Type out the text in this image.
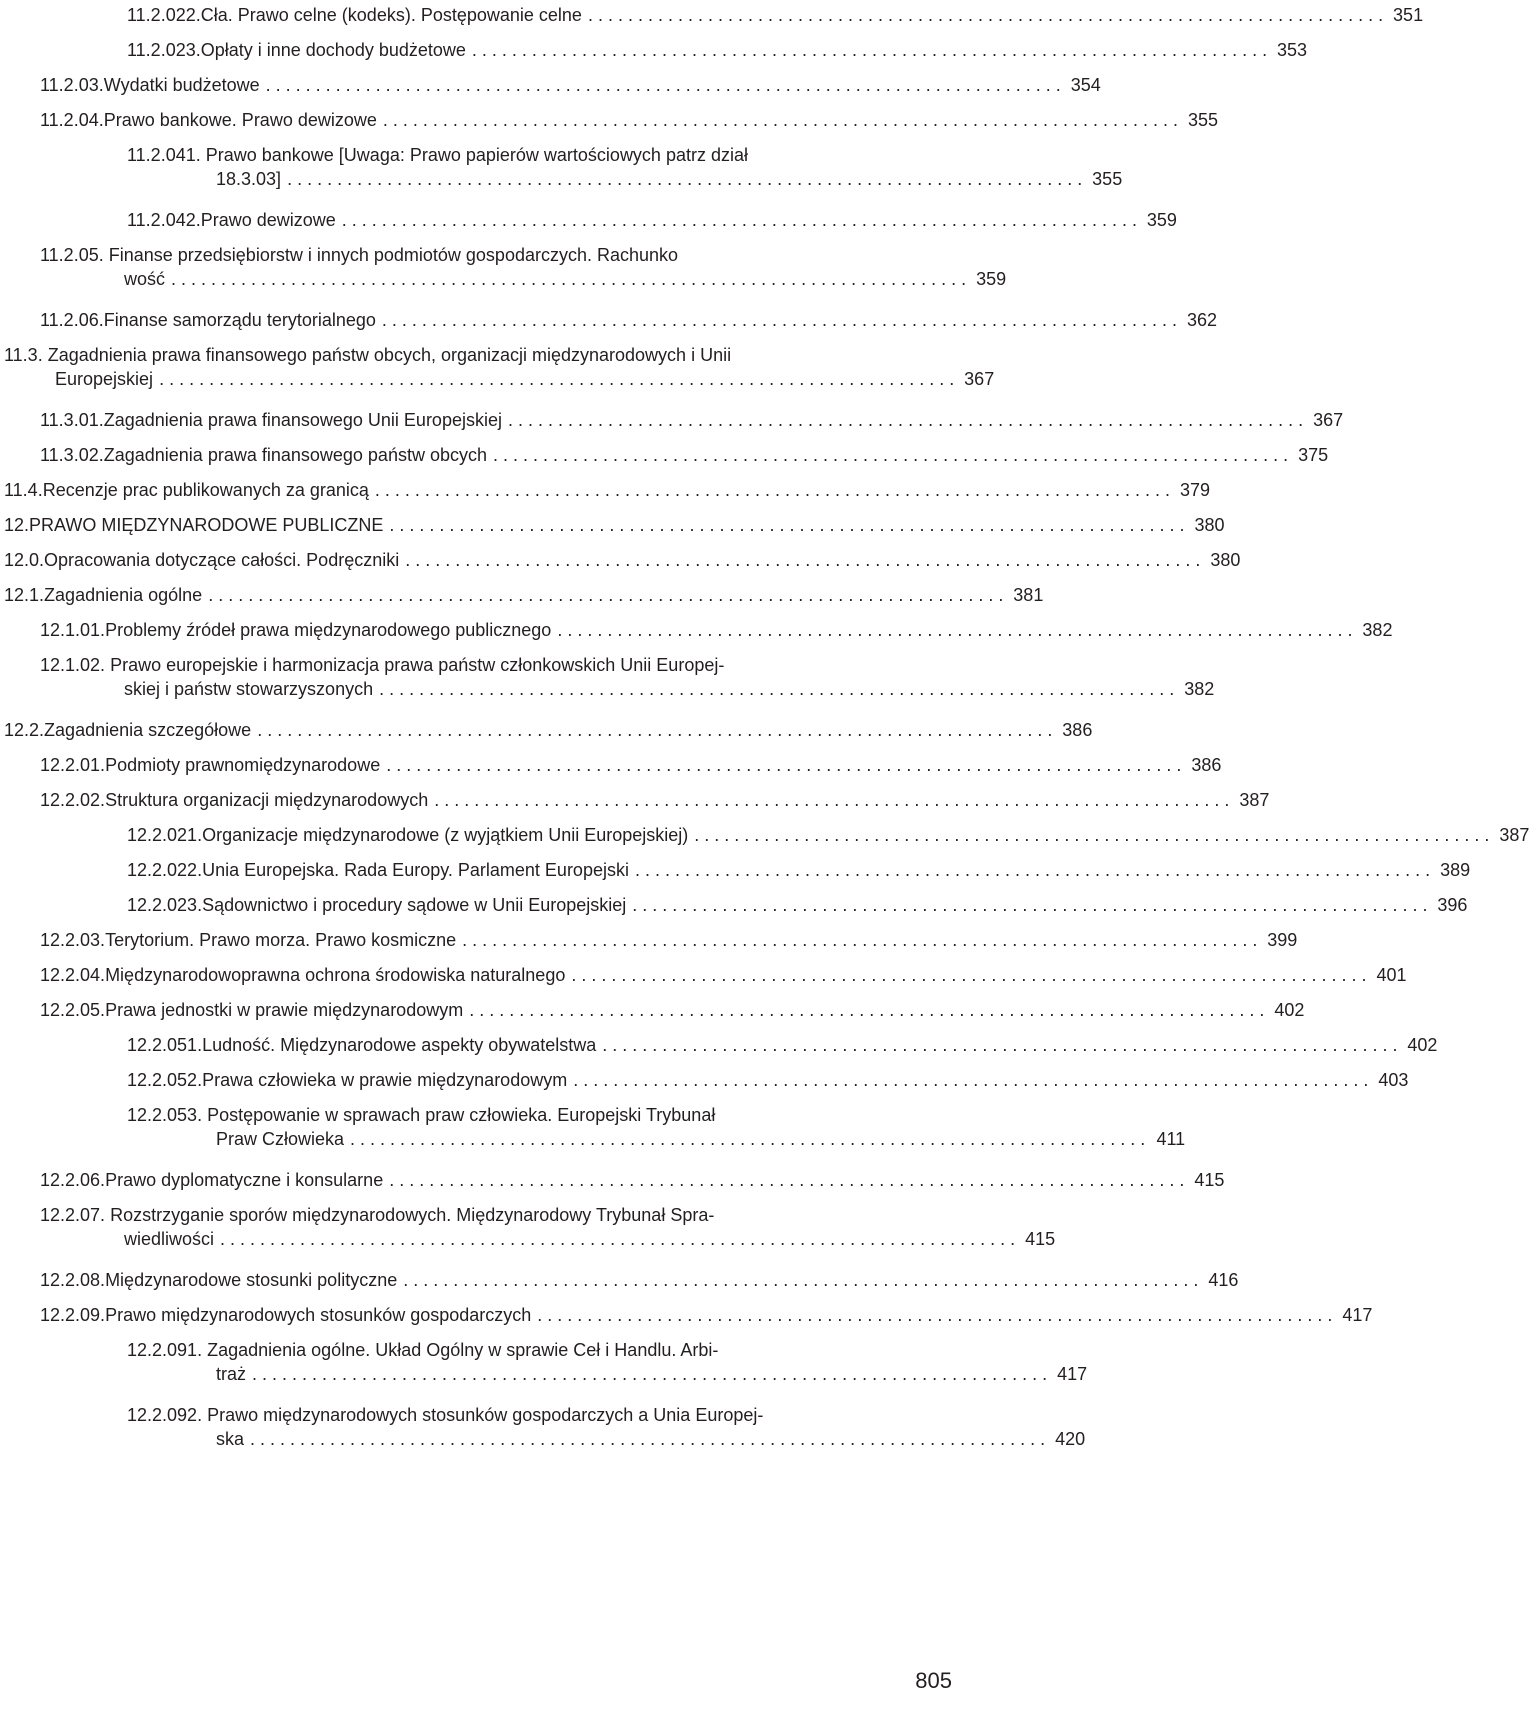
11.2.022. Cła. Prawo celne (kodeks). Postępowanie celne . . . . . . . . . . . . . . . . . . . . . . . . . . . . . . . . . . . . . . . . . . . . . . . . . . . . . . . . . . . . . . . . . . . . . . . . . . . . . . . . 351
11.2.023. Opłaty i inne dochody budżetowe . . . . . . . . . . . . . . . . . . . . . . . . . . . . . . . . . . . . . . . . . . . . . . . . . . . . . . . . . . . . . . . . . . . . . . . . . . . . . . . . 353
11.2.03. Wydatki budżetowe . . . . . . . . . . . . . . . . . . . . . . . . . . . . . . . . . . . . . . . . . . . . . . . . . . . . . . . . . . . . . . . . . . . . . . . . . . . . . . . . 354
11.2.04. Prawo bankowe. Prawo dewizowe . . . . . . . . . . . . . . . . . . . . . . . . . . . . . . . . . . . . . . . . . . . . . . . . . . . . . . . . . . . . . . . . . . . . . . . . . . . . . . . . 355
11.2.041. Prawo bankowe [Uwaga: Prawo papierów wartościowych patrz dział
18.3.03] . . . . . . . . . . . . . . . . . . . . . . . . . . . . . . . . . . . . . . . . . . . . . . . . . . . . . . . . . . . . . . . . . . . . . . . . . . . . . . . . 355
11.2.042. Prawo dewizowe . . . . . . . . . . . . . . . . . . . . . . . . . . . . . . . . . . . . . . . . . . . . . . . . . . . . . . . . . . . . . . . . . . . . . . . . . . . . . . . . 359
11.2.05. Finanse przedsiębiorstw i innych podmiotów gospodarczych. Rachunko
wość . . . . . . . . . . . . . . . . . . . . . . . . . . . . . . . . . . . . . . . . . . . . . . . . . . . . . . . . . . . . . . . . . . . . . . . . . . . . . . . . 359
11.2.06. Finanse samorządu terytorialnego . . . . . . . . . . . . . . . . . . . . . . . . . . . . . . . . . . . . . . . . . . . . . . . . . . . . . . . . . . . . . . . . . . . . . . . . . . . . . . . . 362
11.3. Zagadnienia prawa finansowego państw obcych, organizacji międzynarodowych i Unii
Europejskiej . . . . . . . . . . . . . . . . . . . . . . . . . . . . . . . . . . . . . . . . . . . . . . . . . . . . . . . . . . . . . . . . . . . . . . . . . . . . . . . . 367
11.3.01. Zagadnienia prawa finansowego Unii Europejskiej . . . . . . . . . . . . . . . . . . . . . . . . . . . . . . . . . . . . . . . . . . . . . . . . . . . . . . . . . . . . . . . . . . . . . . . . . . . . . . . . 367
11.3.02. Zagadnienia prawa finansowego państw obcych . . . . . . . . . . . . . . . . . . . . . . . . . . . . . . . . . . . . . . . . . . . . . . . . . . . . . . . . . . . . . . . . . . . . . . . . . . . . . . . . 375
11.4. Recenzje prac publikowanych za granicą . . . . . . . . . . . . . . . . . . . . . . . . . . . . . . . . . . . . . . . . . . . . . . . . . . . . . . . . . . . . . . . . . . . . . . . . . . . . . . . . 379
12. PRAWO MIĘDZYNARODOWE PUBLICZNE . . . . . . . . . . . . . . . . . . . . . . . . . . . . . . . . . . . . . . . . . . . . . . . . . . . . . . . . . . . . . . . . . . . . . . . . . . . . . . . . 380
12.0. Opracowania dotyczące całości. Podręczniki . . . . . . . . . . . . . . . . . . . . . . . . . . . . . . . . . . . . . . . . . . . . . . . . . . . . . . . . . . . . . . . . . . . . . . . . . . . . . . . . 380
12.1. Zagadnienia ogólne . . . . . . . . . . . . . . . . . . . . . . . . . . . . . . . . . . . . . . . . . . . . . . . . . . . . . . . . . . . . . . . . . . . . . . . . . . . . . . . . 381
12.1.01. Problemy źródeł prawa międzynarodowego publicznego . . . . . . . . . . . . . . . . . . . . . . . . . . . . . . . . . . . . . . . . . . . . . . . . . . . . . . . . . . . . . . . . . . . . . . . . . . . . . . . . 382
12.1.02. Prawo europejskie i harmonizacja prawa państw członkowskich Unii Europej-
skiej i państw stowarzyszonych . . . . . . . . . . . . . . . . . . . . . . . . . . . . . . . . . . . . . . . . . . . . . . . . . . . . . . . . . . . . . . . . . . . . . . . . . . . . . . . . 382
12.2. Zagadnienia szczegółowe . . . . . . . . . . . . . . . . . . . . . . . . . . . . . . . . . . . . . . . . . . . . . . . . . . . . . . . . . . . . . . . . . . . . . . . . . . . . . . . . 386
12.2.01. Podmioty prawnomiędzynarodowe . . . . . . . . . . . . . . . . . . . . . . . . . . . . . . . . . . . . . . . . . . . . . . . . . . . . . . . . . . . . . . . . . . . . . . . . . . . . . . . . 386
12.2.02. Struktura organizacji międzynarodowych . . . . . . . . . . . . . . . . . . . . . . . . . . . . . . . . . . . . . . . . . . . . . . . . . . . . . . . . . . . . . . . . . . . . . . . . . . . . . . . . 387
12.2.021. Organizacje międzynarodowe (z wyjątkiem Unii Europejskiej) . . . . . . . . . . . . . . . . . . . . . . . . . . . . . . . . . . . . . . . . . . . . . . . . . . . . . . . . . . . . . . . . . . . . . . . . . . . . . . . . 387
12.2.022. Unia Europejska. Rada Europy. Parlament Europejski . . . . . . . . . . . . . . . . . . . . . . . . . . . . . . . . . . . . . . . . . . . . . . . . . . . . . . . . . . . . . . . . . . . . . . . . . . . . . . . . 389
12.2.023. Sądownictwo i procedury sądowe w Unii Europejskiej . . . . . . . . . . . . . . . . . . . . . . . . . . . . . . . . . . . . . . . . . . . . . . . . . . . . . . . . . . . . . . . . . . . . . . . . . . . . . . . . 396
12.2.03. Terytorium. Prawo morza. Prawo kosmiczne . . . . . . . . . . . . . . . . . . . . . . . . . . . . . . . . . . . . . . . . . . . . . . . . . . . . . . . . . . . . . . . . . . . . . . . . . . . . . . . . 399
12.2.04. Międzynarodowoprawna ochrona środowiska naturalnego . . . . . . . . . . . . . . . . . . . . . . . . . . . . . . . . . . . . . . . . . . . . . . . . . . . . . . . . . . . . . . . . . . . . . . . . . . . . . . . . 401
12.2.05. Prawa jednostki w prawie międzynarodowym . . . . . . . . . . . . . . . . . . . . . . . . . . . . . . . . . . . . . . . . . . . . . . . . . . . . . . . . . . . . . . . . . . . . . . . . . . . . . . . . 402
12.2.051. Ludność. Międzynarodowe aspekty obywatelstwa . . . . . . . . . . . . . . . . . . . . . . . . . . . . . . . . . . . . . . . . . . . . . . . . . . . . . . . . . . . . . . . . . . . . . . . . . . . . . . . . 402
12.2.052. Prawa człowieka w prawie międzynarodowym . . . . . . . . . . . . . . . . . . . . . . . . . . . . . . . . . . . . . . . . . . . . . . . . . . . . . . . . . . . . . . . . . . . . . . . . . . . . . . . . 403
12.2.053. Postępowanie w sprawach praw człowieka. Europejski Trybunał
Praw Człowieka . . . . . . . . . . . . . . . . . . . . . . . . . . . . . . . . . . . . . . . . . . . . . . . . . . . . . . . . . . . . . . . . . . . . . . . . . . . . . . . . 411
12.2.06. Prawo dyplomatyczne i konsularne . . . . . . . . . . . . . . . . . . . . . . . . . . . . . . . . . . . . . . . . . . . . . . . . . . . . . . . . . . . . . . . . . . . . . . . . . . . . . . . . 415
12.2.07. Rozstrzyganie sporów międzynarodowych. Międzynarodowy Trybunał Spra-
wiedliwości . . . . . . . . . . . . . . . . . . . . . . . . . . . . . . . . . . . . . . . . . . . . . . . . . . . . . . . . . . . . . . . . . . . . . . . . . . . . . . . . 415
12.2.08. Międzynarodowe stosunki polityczne . . . . . . . . . . . . . . . . . . . . . . . . . . . . . . . . . . . . . . . . . . . . . . . . . . . . . . . . . . . . . . . . . . . . . . . . . . . . . . . . 416
12.2.09. Prawo międzynarodowych stosunków gospodarczych . . . . . . . . . . . . . . . . . . . . . . . . . . . . . . . . . . . . . . . . . . . . . . . . . . . . . . . . . . . . . . . . . . . . . . . . . . . . . . . . 417
12.2.091. Zagadnienia ogólne. Układ Ogólny w sprawie Ceł i Handlu. Arbi-
traż . . . . . . . . . . . . . . . . . . . . . . . . . . . . . . . . . . . . . . . . . . . . . . . . . . . . . . . . . . . . . . . . . . . . . . . . . . . . . . . . 417
12.2.092. Prawo międzynarodowych stosunków gospodarczych a Unia Europej-
ska . . . . . . . . . . . . . . . . . . . . . . . . . . . . . . . . . . . . . . . . . . . . . . . . . . . . . . . . . . . . . . . . . . . . . . . . . . . . . . . . 420
805
